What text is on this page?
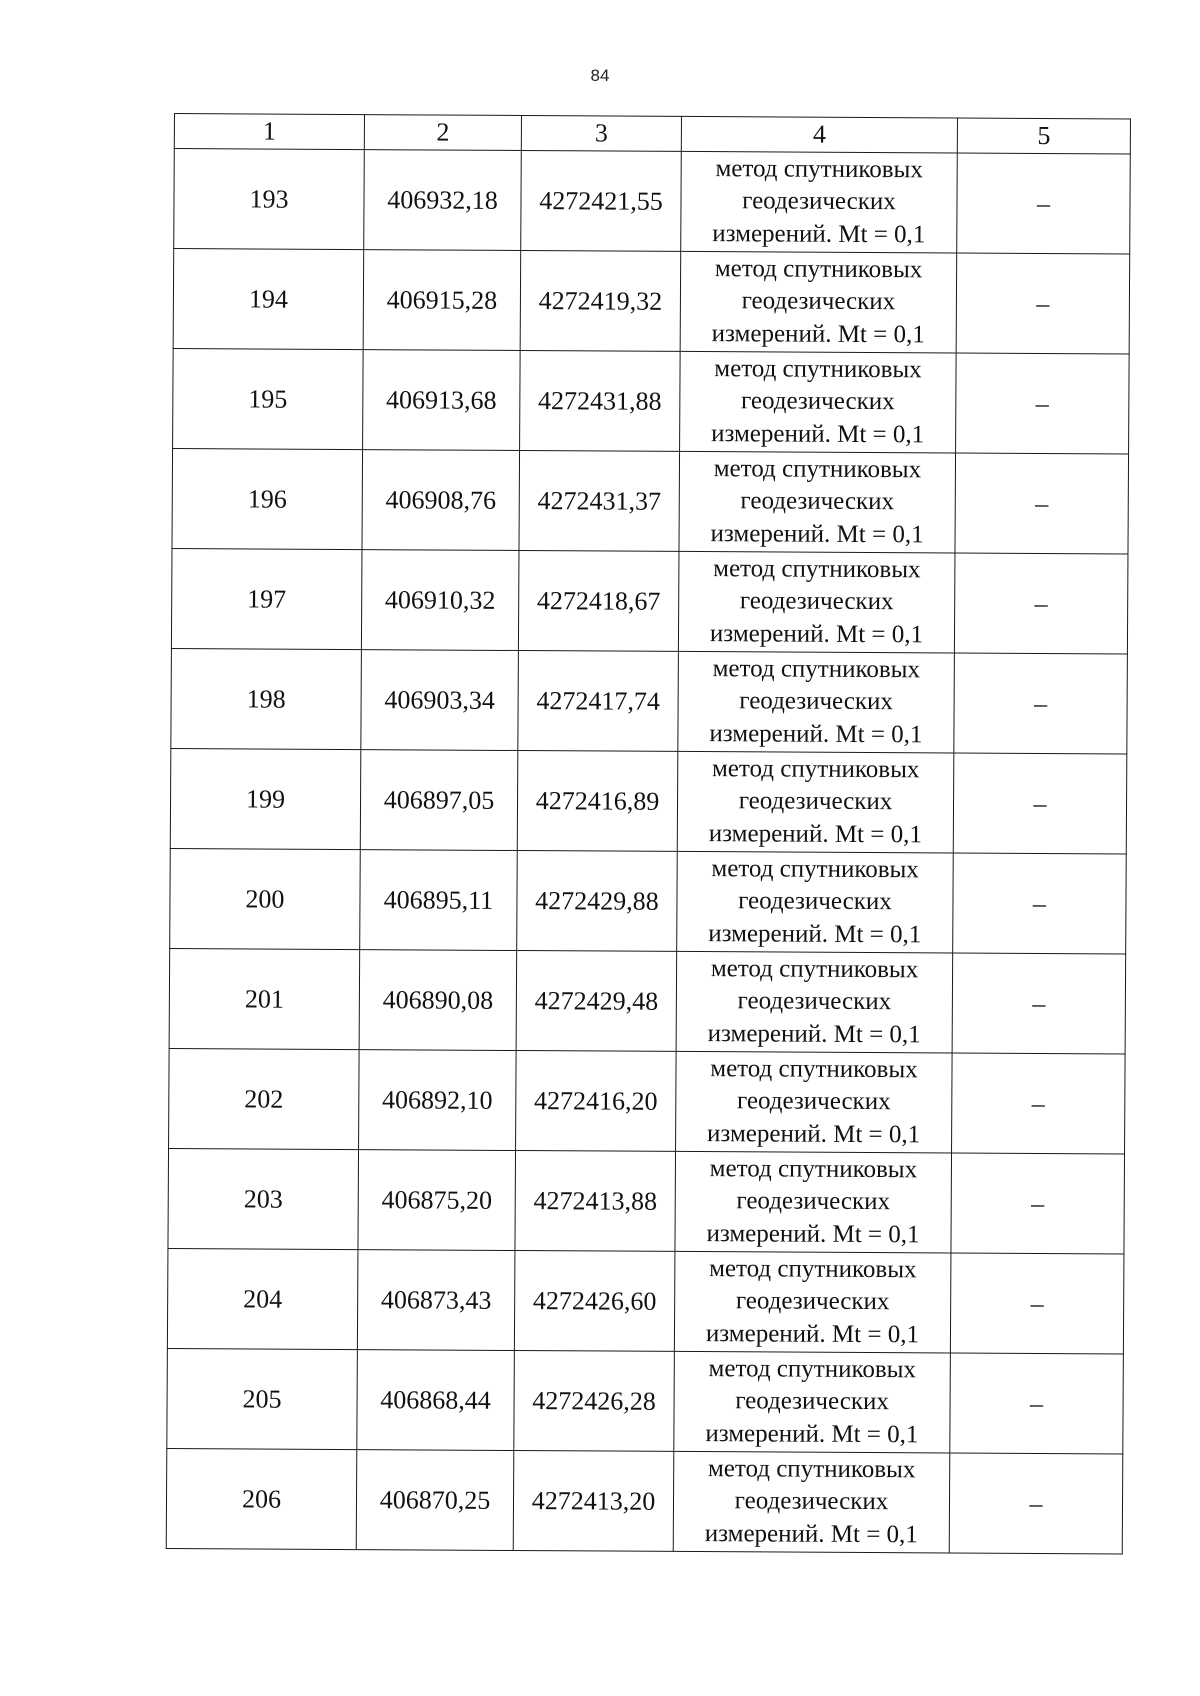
84
1	2	3	4	5
193	406932,18	4272421,55	метод спутниковых геодезических измерений. Mt = 0,1	–
194	406915,28	4272419,32	метод спутниковых геодезических измерений. Mt = 0,1	–
195	406913,68	4272431,88	метод спутниковых геодезических измерений. Mt = 0,1	–
196	406908,76	4272431,37	метод спутниковых геодезических измерений. Mt = 0,1	–
197	406910,32	4272418,67	метод спутниковых геодезических измерений. Mt = 0,1	–
198	406903,34	4272417,74	метод спутниковых геодезических измерений. Mt = 0,1	–
199	406897,05	4272416,89	метод спутниковых геодезических измерений. Mt = 0,1	–
200	406895,11	4272429,88	метод спутниковых геодезических измерений. Mt = 0,1	–
201	406890,08	4272429,48	метод спутниковых геодезических измерений. Mt = 0,1	–
202	406892,10	4272416,20	метод спутниковых геодезических измерений. Mt = 0,1	–
203	406875,20	4272413,88	метод спутниковых геодезических измерений. Mt = 0,1	–
204	406873,43	4272426,60	метод спутниковых геодезических измерений. Mt = 0,1	–
205	406868,44	4272426,28	метод спутниковых геодезических измерений. Mt = 0,1	–
206	406870,25	4272413,20	метод спутниковых геодезических измерений. Mt = 0,1	–
